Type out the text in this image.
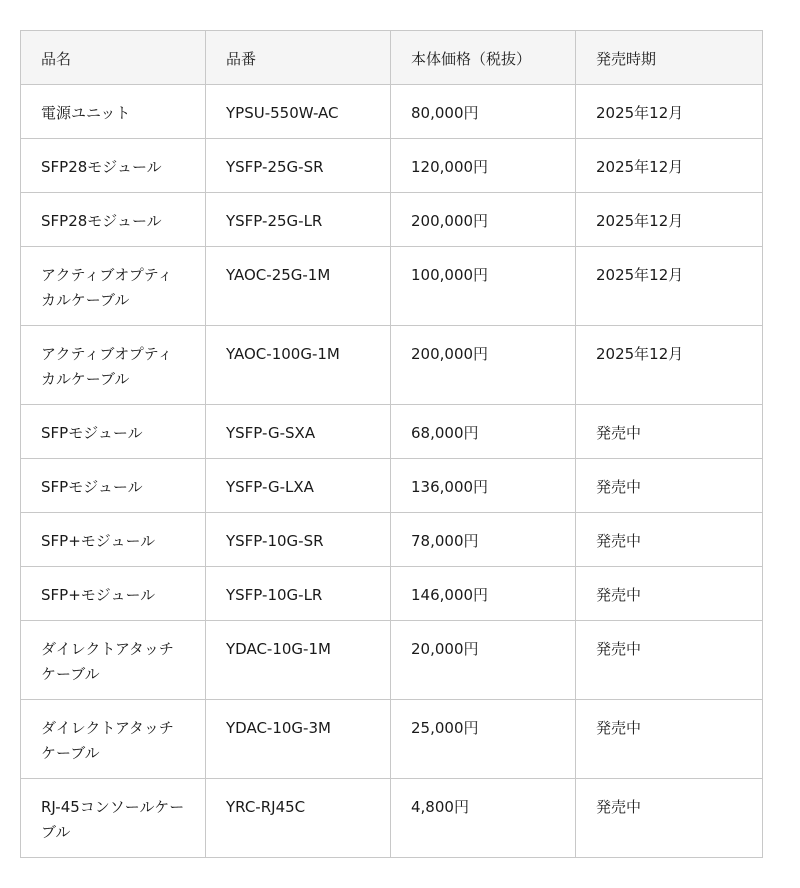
品名	品番	本体価格（税抜）	発売時期
電源ユニット	YPSU-550W-AC	80,000円	2025年12月
SFP28モジュール	YSFP-25G-SR	120,000円	2025年12月
SFP28モジュール	YSFP-25G-LR	200,000円	2025年12月
アクティブオプティカルケーブル	YAOC-25G-1M	100,000円	2025年12月
アクティブオプティカルケーブル	YAOC-100G-1M	200,000円	2025年12月
SFPモジュール	YSFP-G-SXA	68,000円	発売中
SFPモジュール	YSFP-G-LXA	136,000円	発売中
SFP+モジュール	YSFP-10G-SR	78,000円	発売中
SFP+モジュール	YSFP-10G-LR	146,000円	発売中
ダイレクトアタッチケーブル	YDAC-10G-1M	20,000円	発売中
ダイレクトアタッチケーブル	YDAC-10G-3M	25,000円	発売中
RJ-45コンソールケーブル	YRC-RJ45C	4,800円	発売中
